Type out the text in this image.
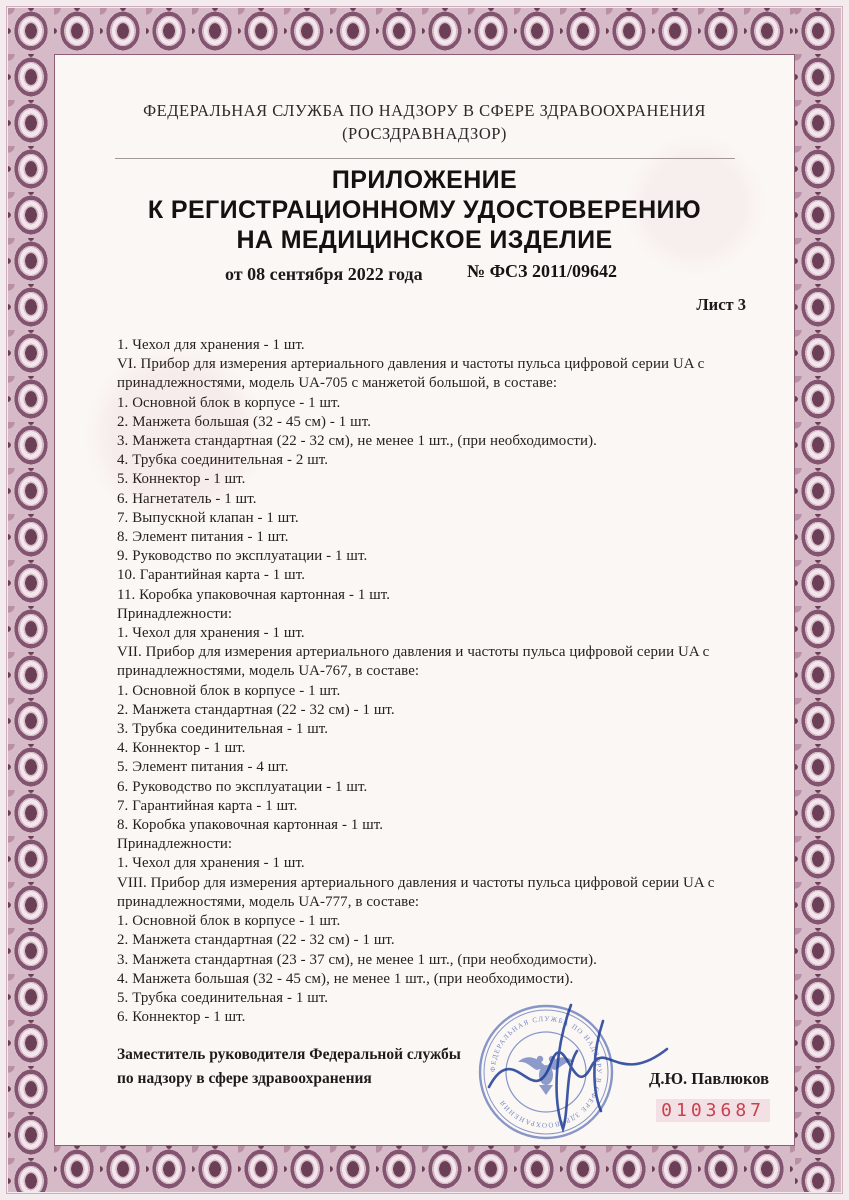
ФЕДЕРАЛЬНАЯ СЛУЖБА ПО НАДЗОРУ В СФЕРЕ ЗДРАВООХРАНЕНИЯ
(РОСЗДРАВНАДЗОР)
ПРИЛОЖЕНИЕ
К РЕГИСТРАЦИОННОМУ УДОСТОВЕРЕНИЮ
НА МЕДИЦИНСКОЕ ИЗДЕЛИЕ
от 08 сентября 2022 года № ФСЗ 2011/09642
Лист 3
1. Чехол для хранения - 1 шт.
VI. Прибор для измерения артериального давления и частоты пульса цифровой серии UA с принадлежностями, модель UA-705 с манжетой большой, в составе:
1. Основной блок в корпусе - 1 шт.
2. Манжета большая (32 - 45 см) - 1 шт.
3. Манжета стандартная (22 - 32 см), не менее 1 шт., (при необходимости).
4. Трубка соединительная - 2 шт.
5. Коннектор - 1 шт.
6. Нагнетатель - 1 шт.
7. Выпускной клапан - 1 шт.
8. Элемент питания - 1 шт.
9. Руководство по эксплуатации - 1 шт.
10. Гарантийная карта - 1 шт.
11. Коробка упаковочная картонная - 1 шт.
Принадлежности:
1. Чехол для хранения - 1 шт.
VII. Прибор для измерения артериального давления и частоты пульса цифровой серии UA с принадлежностями, модель UA-767, в составе:
1. Основной блок в корпусе - 1 шт.
2. Манжета стандартная (22 - 32 см) - 1 шт.
3. Трубка соединительная - 1 шт.
4. Коннектор - 1 шт.
5. Элемент питания - 4 шт.
6. Руководство по эксплуатации - 1 шт.
7. Гарантийная карта - 1 шт.
8. Коробка упаковочная картонная - 1 шт.
Принадлежности:
1. Чехол для хранения - 1 шт.
VIII. Прибор для измерения артериального давления и частоты пульса цифровой серии UA с принадлежностями, модель UA-777, в составе:
1. Основной блок в корпусе - 1 шт.
2. Манжета стандартная (22 - 32 см) - 1 шт.
3. Манжета стандартная (23 - 37 см), не менее 1 шт., (при необходимости).
4. Манжета большая (32 - 45 см), не менее 1 шт., (при необходимости).
5. Трубка соединительная - 1 шт.
6. Коннектор - 1 шт.
Заместитель руководителя Федеральной службы
по надзору в сфере здравоохранения	Д.Ю. Павлюков
0103687
ФЕДЕРАЛЬНАЯ СЛУЖБА ПО НАДЗОРУ В СФЕРЕ ЗДРАВООХРАНЕНИЯ
